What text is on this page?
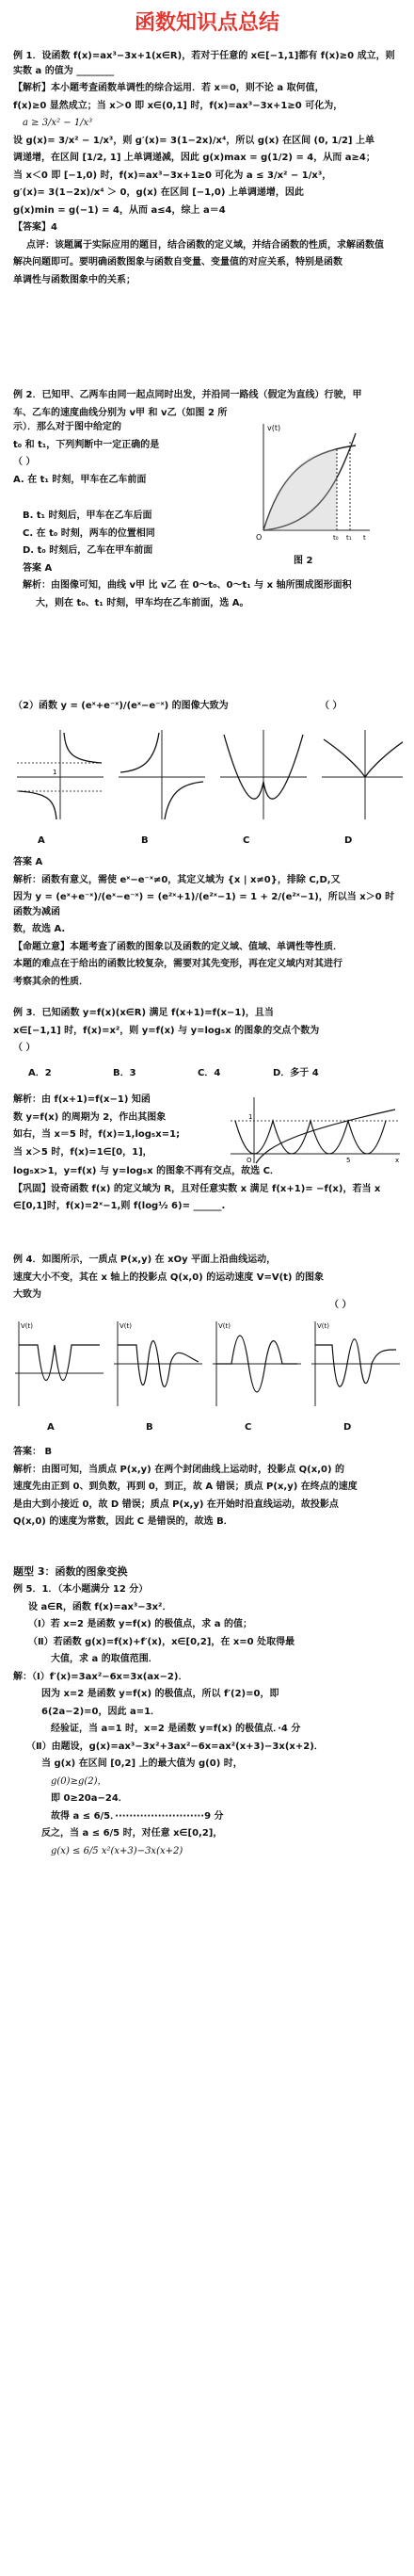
函数知识点总结

例 1．设函数 f(x)=ax³−3x+1(x∈R)，若对于任意的 x∈[−1,1]都有 f(x)≥0 成立，则实数 a 的值为 ________

【解析】本小题考查函数单调性的综合运用．若 x＝0，则不论 a 取何值，

f(x)≥0 显然成立；当 x＞0 即 x∈(0,1] 时，f(x)=ax³−3x+1≥0 可化为，

a ≥ 3/x² − 1/x³

设 g(x)= 3/x² − 1/x³，则 g′(x)= 3(1−2x)/x⁴，所以 g(x) 在区间 (0, 1/2] 上单

调递增，在区间 [1/2, 1] 上单调递减，因此 g(x)max = g(1/2) = 4，从而 a≥4；

当 x＜0 即 [−1,0) 时，f(x)=ax³−3x+1≥0 可化为 a ≤ 3/x² − 1/x³，

g′(x)= 3(1−2x)/x⁴ ＞ 0，g(x) 在区间 [−1,0) 上单调递增，因此

g(x)min = g(−1) = 4，从而 a≤4，综上 a＝4

【答案】4

点评：该题属于实际应用的题目，结合函数的定义域，并结合函数的性质，求解函数值

解决问题即可。要明确函数图象与函数自变量、变量值的对应关系，特别是函数

单调性与函数图象中的关系；

例 2．已知甲、乙两车由同一起点同时出发，并沿同一路线（假定为直线）行驶，甲

车、乙车的速度曲线分别为 v甲 和 v乙（如图 2 所示）．那么对于图中给定的

t₀ 和 t₁，下列判断中一定正确的是

（ ）

A. 在 t₁ 时刻，甲车在乙车前面

B. t₁ 时刻后，甲车在乙车后面

C. 在 t₀ 时刻，两车的位置相同

D. t₀ 时刻后，乙车在甲车前面

答案 A

解析：由图像可知，曲线 v甲 比 v乙 在 0～t₀、0～t₁ 与 x 轴所围成图形面积

大，则在 t₀、t₁ 时刻，甲车均在乙车前面，选 A。

v(t)
O	t₀ t₁ t
图 2

（2）函数 y = (eˣ+e⁻ˣ)/(eˣ−e⁻ˣ) 的图像大致为	（ ）
1
A	B	C	D

答案 A

解析：函数有意义，需使 eˣ−e⁻ˣ≠0，其定义域为 {x | x≠0}，排除 C,D,又

因为 y = (eˣ+e⁻ˣ)/(eˣ−e⁻ˣ) = (e²ˣ+1)/(e²ˣ−1) = 1 + 2/(e²ˣ−1)，所以当 x＞0 时函数为减函

数，故选 A.

【命题立意】本题考查了函数的图象以及函数的定义域、值域、单调性等性质．

本题的难点在于给出的函数比较复杂，需要对其先变形，再在定义域内对其进行

考察其余的性质．

例 3．已知函数 y=f(x)(x∈R) 满足 f(x+1)=f(x−1)，且当

x∈[−1,1] 时，f(x)=x²，则 y=f(x) 与 y=log₅x 的图象的交点个数为

（ ）

A．2	B．3	C．4	D．多于 4

解析：由 f(x+1)=f(x−1) 知函

数 y=f(x) 的周期为 2，作出其图象

如右，当 x＝5 时，f(x)=1,log₅x=1;

当 x＞5 时，f(x)=1∈[0，1]，

O
1
5	x

log₅x>1，y=f(x) 与 y=log₅x 的图象不再有交点，故选 C．

【巩固】设奇函数 f(x) 的定义域为 R，且对任意实数 x 满足 f(x+1)= −f(x)，若当 x

∈[0,1]时，f(x)=2ˣ−1,则 f(log½ 6)= ______.

例 4．如图所示，一质点 P(x,y) 在 xOy 平面上沿曲线运动，

速度大小不变，其在 x 轴上的投影点 Q(x,0) 的运动速度 V=V(t) 的图象

大致为

（ ）
V(t)	V(t)	V(t)	V(t)
A	B	C	D

答案： B

解析：由图可知，当质点 P(x,y) 在两个封闭曲线上运动时，投影点 Q(x,0) 的

速度先由正到 0、到负数，再到 0，到正，故 A 错误；质点 P(x,y) 在终点的速度

是由大到小接近 0，故 D 错误；质点 P(x,y) 在开始时沿直线运动，故投影点

Q(x,0) 的速度为常数，因此 C 是错误的，故选 B．

题型 3：函数的图象变换

例 5．1．（本小题满分 12 分）

设 a∈R，函数 f(x)=ax³−3x²．

（Ⅰ）若 x=2 是函数 y=f(x) 的极值点，求 a 的值；

（Ⅱ）若函数 g(x)=f(x)+f′(x)，x∈[0,2]，在 x=0 处取得最

大值，求 a 的取值范围．

解：（Ⅰ）f′(x)=3ax²−6x=3x(ax−2)．

因为 x=2 是函数 y=f(x) 的极值点，所以 f′(2)=0，即

6(2a−2)=0，因此 a=1．

经验证，当 a=1 时，x=2 是函数 y=f(x) 的极值点．·4 分

（Ⅱ）由题设，g(x)=ax³−3x²+3ax²−6x=ax²(x+3)−3x(x+2)．

当 g(x) 在区间 [0,2] 上的最大值为 g(0) 时，

g(0)≥g(2)，

即 0≥20a−24．

故得 a ≤ 6/5．·························9 分

反之，当 a ≤ 6/5 时，对任意 x∈[0,2]，

g(x) ≤ 6/5 x²(x+3)−3x(x+2)
